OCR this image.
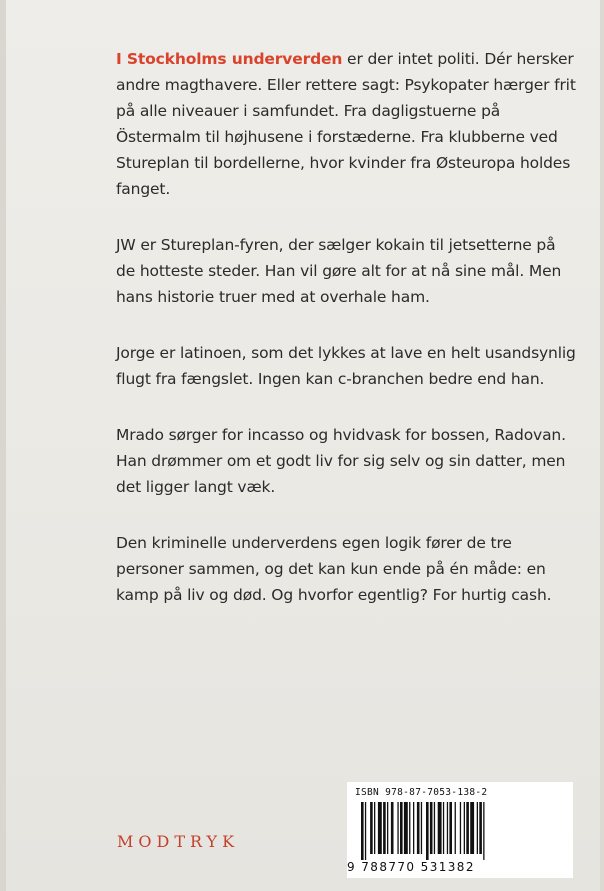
I Stockholms underverden er der intet politi. Dér hersker andre magthavere. Eller rettere sagt: Psykopater hærger frit på alle niveauer i samfundet. Fra dagligstuerne på Östermalm til højhusene i forstæderne. Fra klubberne ved Stureplan til bordellerne, hvor kvinder fra Østeuropa holdes fanget.

JW er Stureplan-fyren, der sælger kokain til jetsetterne på de hotteste steder. Han vil gøre alt for at nå sine mål. Men hans historie truer med at overhale ham.

Jorge er latinoen, som det lykkes at lave en helt usandsynlig flugt fra fængslet. Ingen kan c-branchen bedre end han.

Mrado sørger for incasso og hvidvask for bossen, Radovan. Han drømmer om et godt liv for sig selv og sin datter, men det ligger langt væk.

Den kriminelle underverdens egen logik fører de tre personer sammen, og det kan kun ende på én måde: en kamp på liv og død. Og hvorfor egentlig? For hurtig cash.

MODTRYK
ISBN 978-87-7053-138-2
9 788770 531382
